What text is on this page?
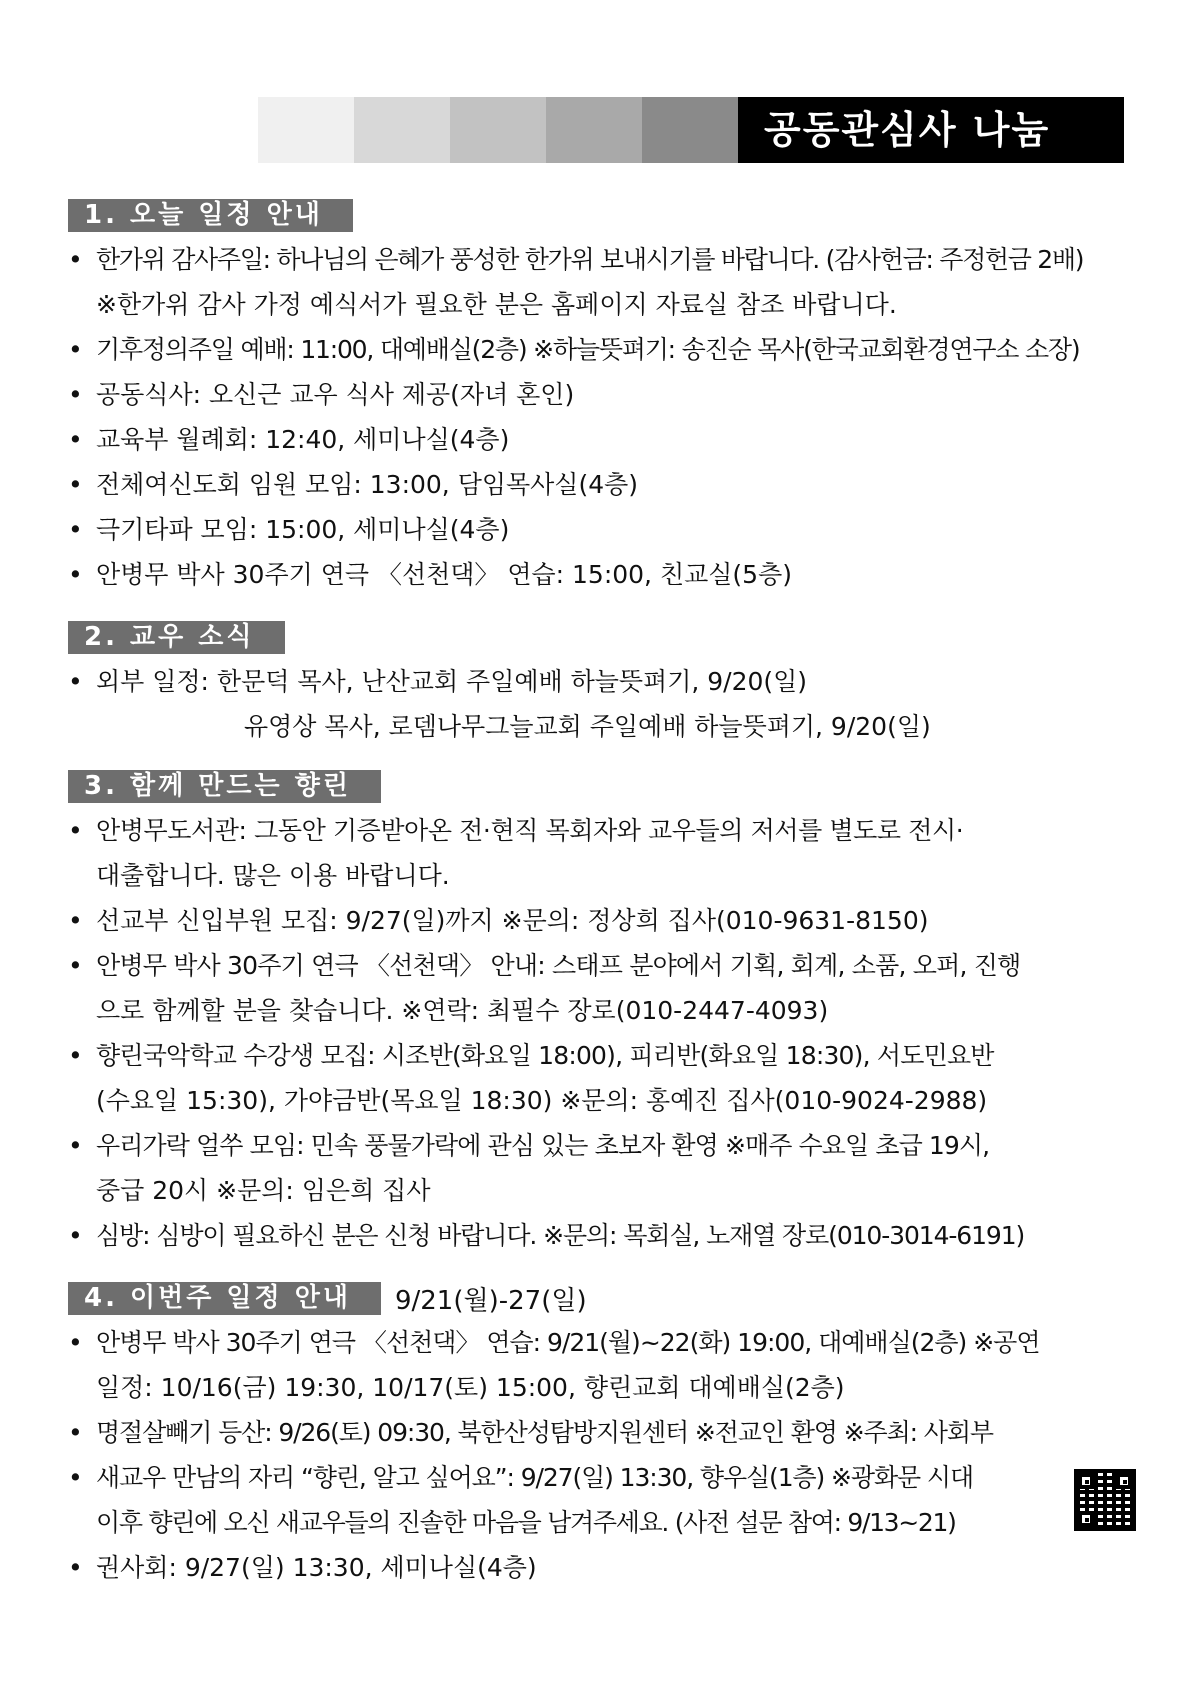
공동관심사 나눔
1. 오늘 일정 안내
• 한가위 감사주일: 하나님의 은혜가 풍성한 한가위 보내시기를 바랍니다. (감사헌금: 주정헌금 2배)
※한가위 감사 가정 예식서가 필요한 분은 홈페이지 자료실 참조 바랍니다.
• 기후정의주일 예배: 11:00, 대예배실(2층) ※하늘뜻펴기: 송진순 목사(한국교회환경연구소 소장)
• 공동식사: 오신근 교우 식사 제공(자녀 혼인)
• 교육부 월례회: 12:40, 세미나실(4층)
• 전체여신도회 임원 모임: 13:00, 담임목사실(4층)
• 극기타파 모임: 15:00, 세미나실(4층)
• 안병무 박사 30주기 연극 〈선천댁〉 연습: 15:00, 친교실(5층)
2. 교우 소식
• 외부 일정: 한문덕 목사, 난산교회 주일예배 하늘뜻펴기, 9/20(일)
유영상 목사, 로뎀나무그늘교회 주일예배 하늘뜻펴기, 9/20(일)
3. 함께 만드는 향린
• 안병무도서관: 그동안 기증받아온 전·현직 목회자와 교우들의 저서를 별도로 전시·
대출합니다. 많은 이용 바랍니다.
• 선교부 신입부원 모집: 9/27(일)까지 ※문의: 정상희 집사(010-9631-8150)
• 안병무 박사 30주기 연극 〈선천댁〉 안내: 스태프 분야에서 기획, 회계, 소품, 오퍼, 진행
으로 함께할 분을 찾습니다. ※연락: 최필수 장로(010-2447-4093)
• 향린국악학교 수강생 모집: 시조반(화요일 18:00), 피리반(화요일 18:30), 서도민요반
(수요일 15:30), 가야금반(목요일 18:30) ※문의: 홍예진 집사(010-9024-2988)
• 우리가락 얼쑤 모임: 민속 풍물가락에 관심 있는 초보자 환영 ※매주 수요일 초급 19시,
중급 20시 ※문의: 임은희 집사
• 심방: 심방이 필요하신 분은 신청 바랍니다. ※문의: 목회실, 노재열 장로(010-3014-6191)
4. 이번주 일정 안내	9/21(월)-27(일)
• 안병무 박사 30주기 연극 〈선천댁〉 연습: 9/21(월)~22(화) 19:00, 대예배실(2층) ※공연
일정: 10/16(금) 19:30, 10/17(토) 15:00, 향린교회 대예배실(2층)
• 명절살빼기 등산: 9/26(토) 09:30, 북한산성탐방지원센터 ※전교인 환영 ※주최: 사회부
• 새교우 만남의 자리 “향린, 알고 싶어요”: 9/27(일) 13:30, 향우실(1층) ※광화문 시대
이후 향린에 오신 새교우들의 진솔한 마음을 남겨주세요. (사전 설문 참여: 9/13~21)
• 권사회: 9/27(일) 13:30, 세미나실(4층)
